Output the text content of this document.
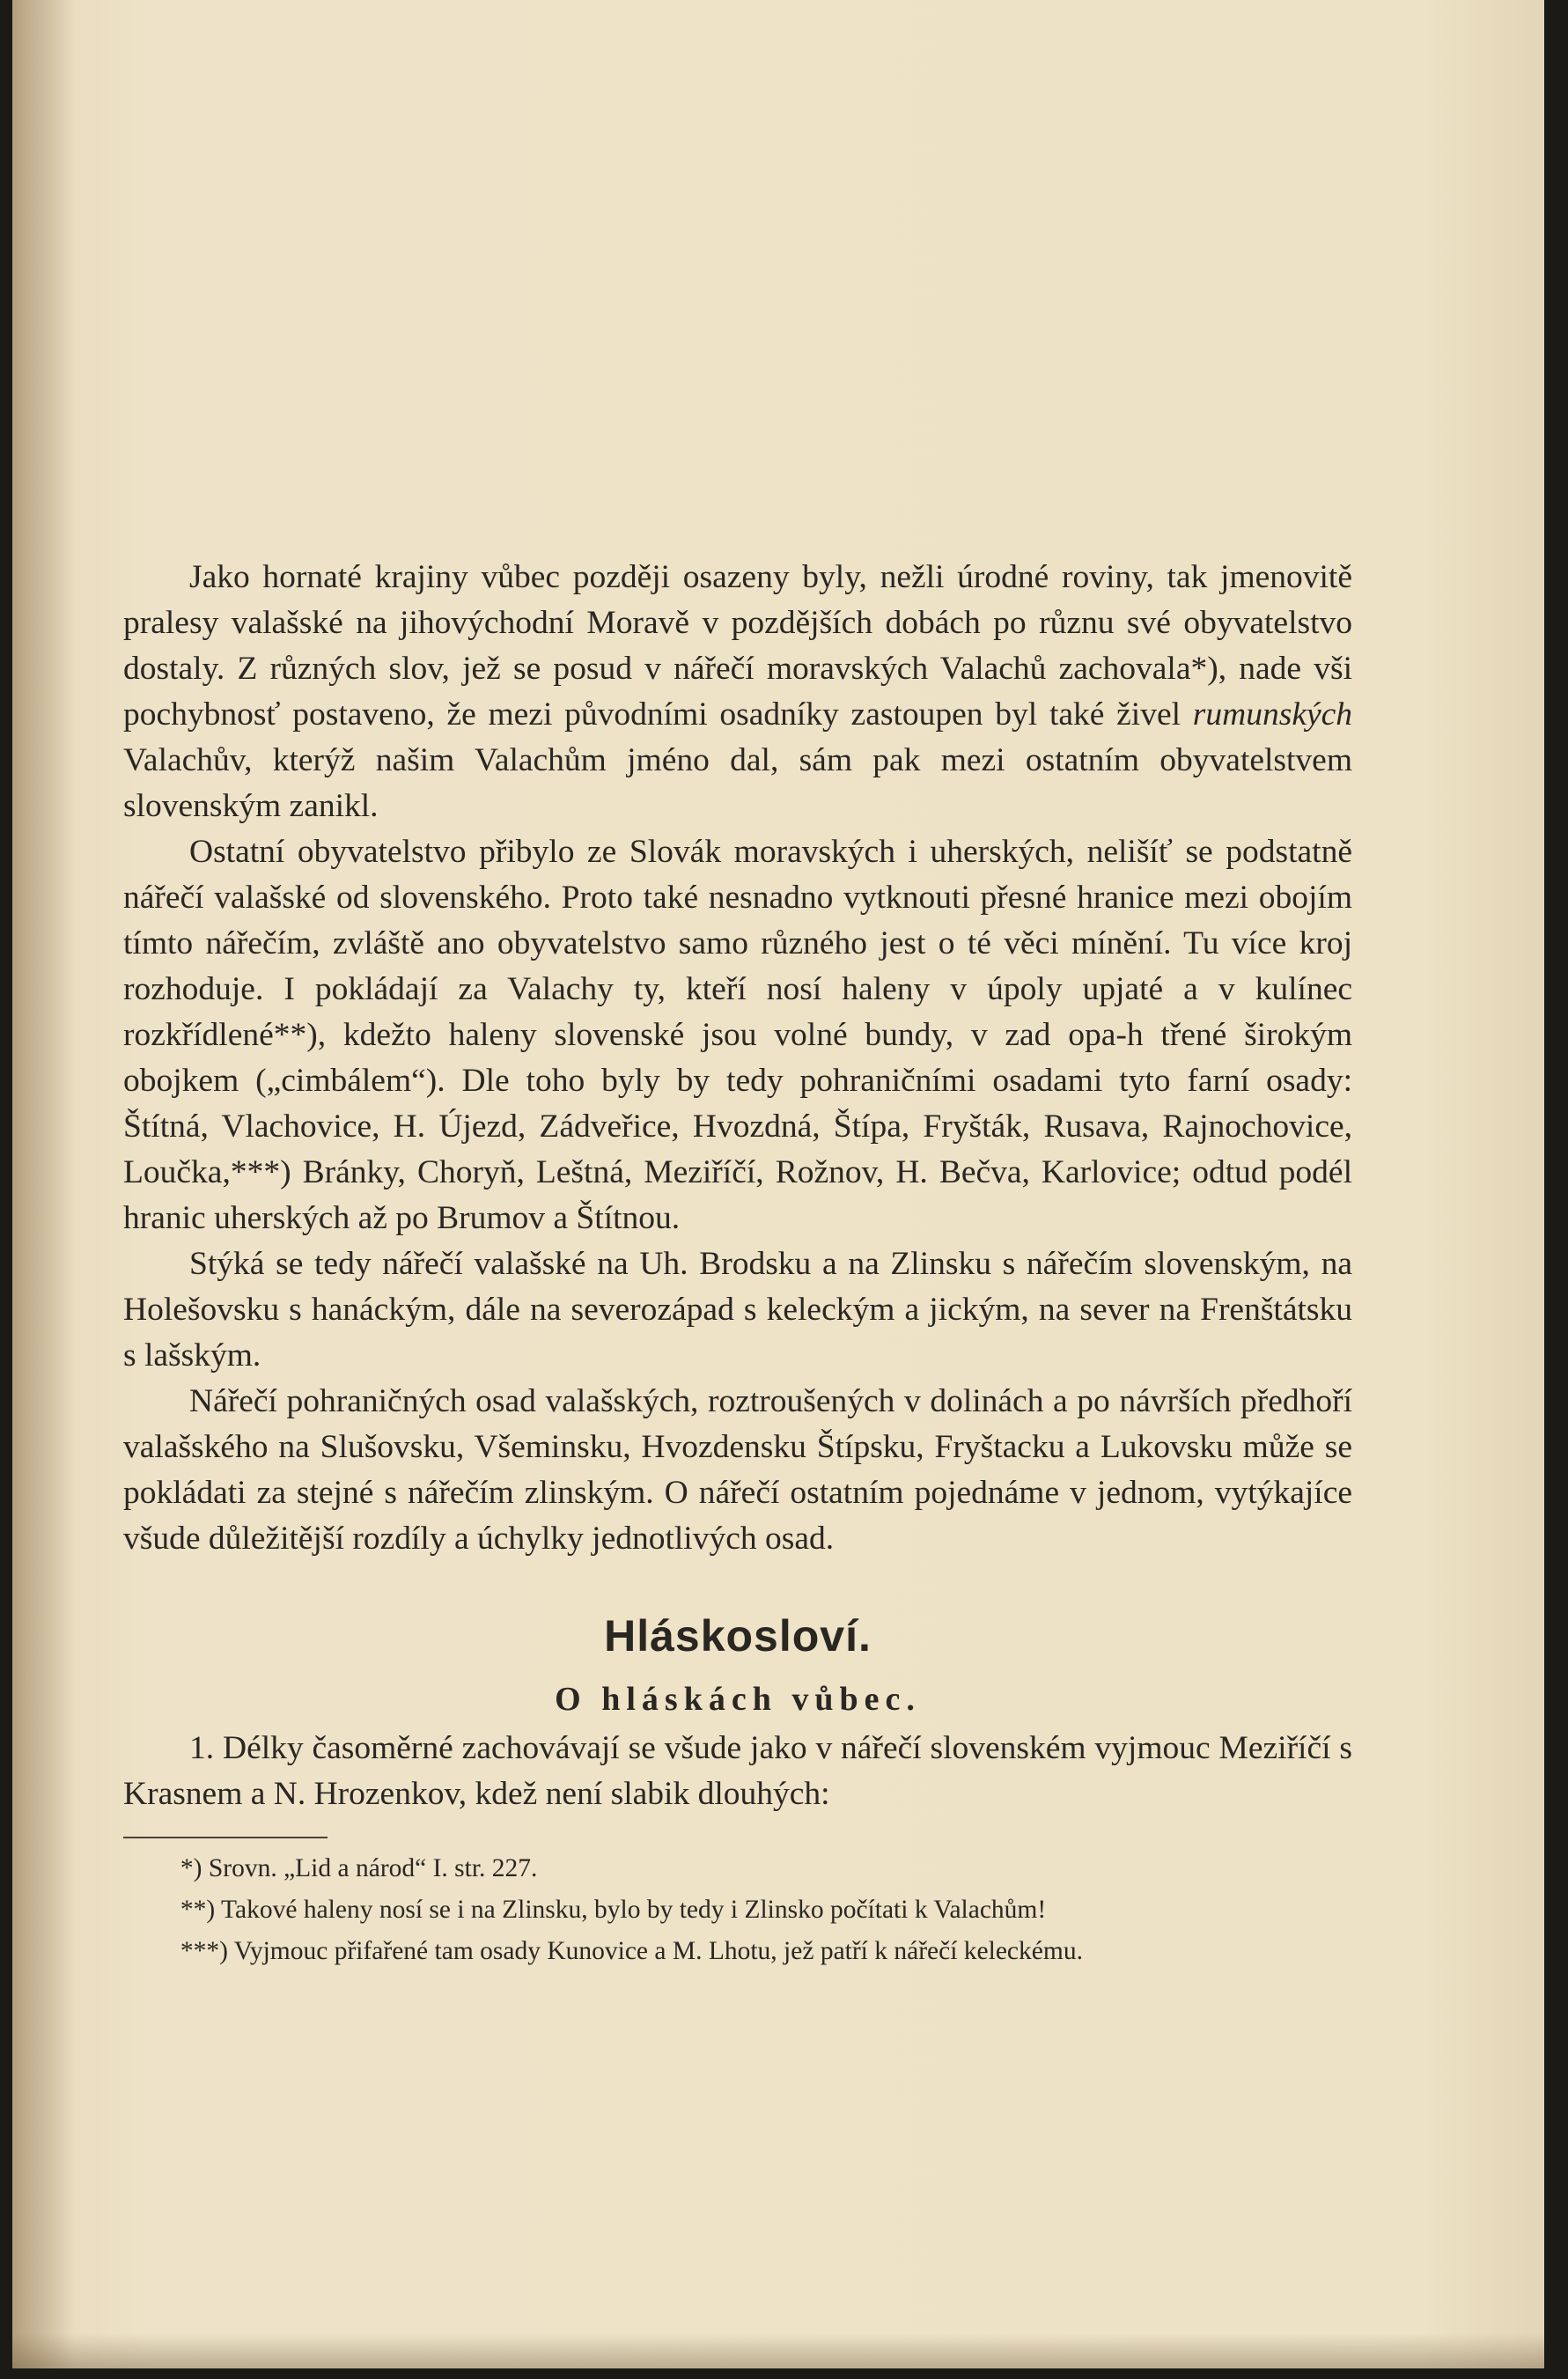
Jako hornaté krajiny vůbec později osazeny byly, nežli úrodné roviny, tak jmenovitě pralesy valašské na jihovýchodní Moravě v pozdějších dobách po různu své obyvatelstvo dostaly. Z různých slov, jež se posud v nářečí moravských Valachů zachovala*), nade vši pochybnosť postaveno, že mezi původními osadníky zastoupen byl také živel rumunských Valachův, kterýž našim Valachům jméno dal, sám pak mezi ostatním obyvatelstvem slovenským zanikl.

Ostatní obyvatelstvo přibylo ze Slovák moravských i uherských, nelišíť se podstatně nářečí valašské od slovenského. Proto také nesnadno vytknouti přesné hranice mezi obojím tímto nářečím, zvláště ano obyvatelstvo samo různého jest o té věci mínění. Tu více kroj rozhoduje. I pokládají za Valachy ty, kteří nosí haleny v úpoly upjaté a v kulínec rozkřídlené**), kdežto haleny slovenské jsou volné bundy, v zad opa-h třené širokým obojkem („cimbálem“). Dle toho byly by tedy pohraničními osadami tyto farní osady: Štítná, Vlachovice, H. Újezd, Zádveřice, Hvozdná, Štípa, Fryšták, Rusava, Rajnochovice, Loučka,***) Bránky, Choryň, Leštná, Meziříčí, Rožnov, H. Bečva, Karlovice; odtud podél hranic uherských až po Brumov a Štítnou.

Stýká se tedy nářečí valašské na Uh. Brodsku a na Zlinsku s nářečím slovenským, na Holešovsku s hanáckým, dále na severozápad s keleckým a jickým, na sever na Frenštátsku s lašským.

Nářečí pohraničných osad valašských, roztroušených v dolinách a po návrších předhoří valašského na Slušovsku, Všeminsku, Hvozdensku Štípsku, Fryštacku a Lukovsku může se pokládati za stejné s nářečím zlinským. O nářečí ostatním pojednáme v jednom, vytýkajíce všude důležitější rozdíly a úchylky jednotlivých osad.

Hláskosloví.
O hláskách vůbec.

1. Délky časoměrné zachovávají se všude jako v nářečí slovenském vyjmouc Meziříčí s Krasnem a N. Hrozenkov, kdež není slabik dlouhých:

*) Srovn. „Lid a národ“ I. str. 227.

**) Takové haleny nosí se i na Zlinsku, bylo by tedy i Zlinsko počítati k Valachům!

***) Vyjmouc přifařené tam osady Kunovice a M. Lhotu, jež patří k nářečí keleckému.
